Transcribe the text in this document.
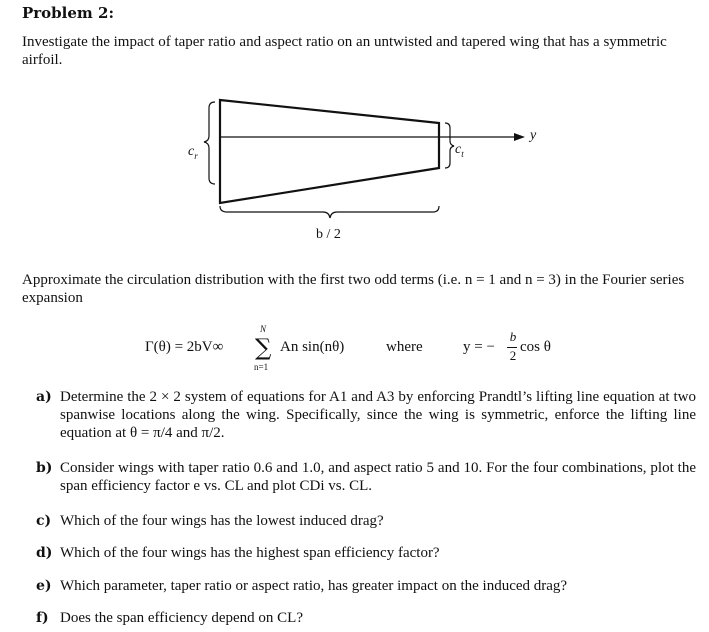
Problem 2:
Investigate the impact of taper ratio and aspect ratio on an untwisted and tapered wing that has a symmetric airfoil.
$c_r$	$c_t$
y
b / 2
Approximate the circulation distribution with the first two odd terms (i.e. n = 1 and n = 3) in the Fourier series expansion
Γ(θ) = 2bV∞
N
∑
n=1
An sin(nθ)	where	y = −
b
2
cos θ
a) Determine the 2 × 2 system of equations for A1 and A3 by enforcing Prandtl’s lifting line equation at two spanwise locations along the wing. Specifically, since the wing is symmetric, enforce the lifting line equation at θ = π/4 and π/2.
b) Consider wings with taper ratio 0.6 and 1.0, and aspect ratio 5 and 10. For the four combinations, plot the span efficiency factor e vs. CL and plot CDi vs. CL.
c) Which of the four wings has the lowest induced drag?
d) Which of the four wings has the highest span efficiency factor?
e) Which parameter, taper ratio or aspect ratio, has greater impact on the induced drag?
f) Does the span efficiency depend on CL?
